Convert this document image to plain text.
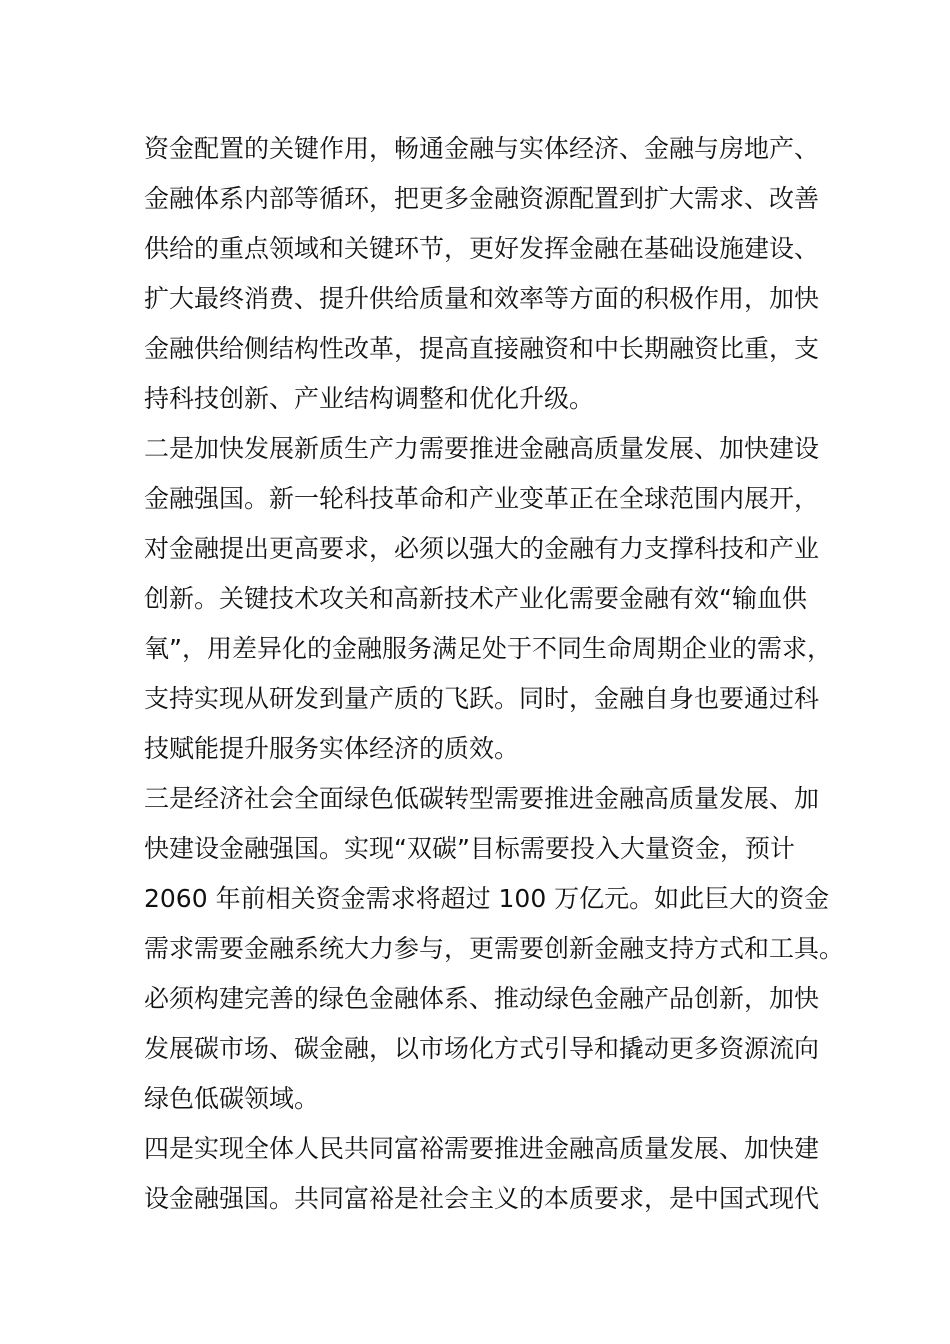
资金配置的关键作用，畅通金融与实体经济、金融与房地产、
金融体系内部等循环，把更多金融资源配置到扩大需求、改善
供给的重点领域和关键环节，更好发挥金融在基础设施建设、
扩大最终消费、提升供给质量和效率等方面的积极作用，加快
金融供给侧结构性改革，提高直接融资和中长期融资比重，支
持科技创新、产业结构调整和优化升级。
二是加快发展新质生产力需要推进金融高质量发展、加快建设
金融强国。新一轮科技革命和产业变革正在全球范围内展开，
对金融提出更高要求，必须以强大的金融有力支撑科技和产业
创新。关键技术攻关和高新技术产业化需要金融有效“输血供
氧”，用差异化的金融服务满足处于不同生命周期企业的需求，
支持实现从研发到量产质的飞跃。同时，金融自身也要通过科
技赋能提升服务实体经济的质效。
三是经济社会全面绿色低碳转型需要推进金融高质量发展、加
快建设金融强国。实现“双碳”目标需要投入大量资金，预计
2060 年前相关资金需求将超过 100 万亿元。如此巨大的资金
需求需要金融系统大力参与，更需要创新金融支持方式和工具。
必须构建完善的绿色金融体系、推动绿色金融产品创新，加快
发展碳市场、碳金融，以市场化方式引导和撬动更多资源流向
绿色低碳领域。
四是实现全体人民共同富裕需要推进金融高质量发展、加快建
设金融强国。共同富裕是社会主义的本质要求，是中国式现代
